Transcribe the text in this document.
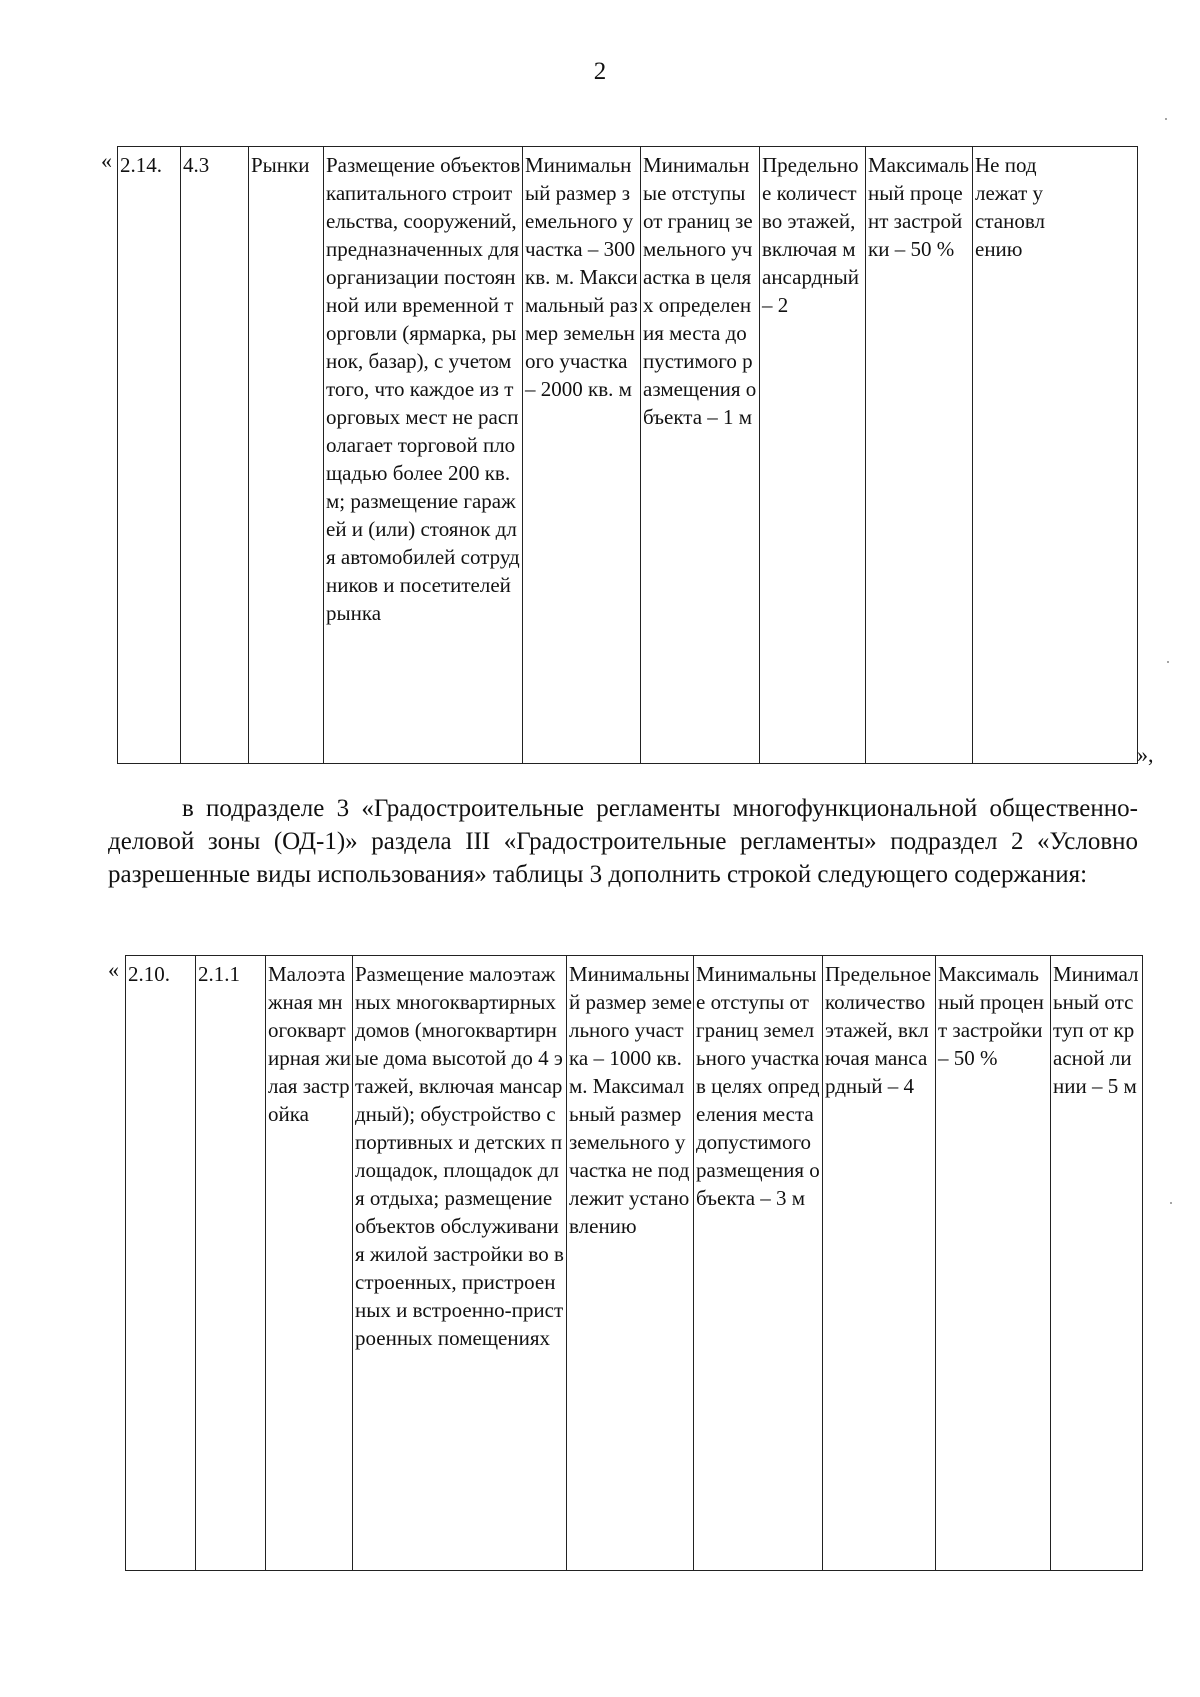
2
« 2.14.	4.3	Рынки	Размещение объектов капитального строительства, сооружений, предназначенных для организации постоянной или временной торговли (ярмарка, рынок, базар), с учетом того, что каждое из торговых мест не располагает торговой площадью более 200 кв. м; размещение гаражей и (или) стоянок для автомобилей сотрудников и посетителей рынка	Минимальный размер земельного участка – 300 кв. м. Максимальный размер земельного участка – 2000 кв. м	Минимальные отступы от границ земельного участка в целях определения места допустимого размещения объекта – 1 м	Предельное количество этажей, включая мансардный – 2	Максимальный процент застройки – 50 %	Не подлежат установлению
»,

в подразделе 3 «Градостроительные регламенты многофункциональной общественно-деловой зоны (ОД-1)» раздела III «Градостроительные регламенты» подраздел 2 «Условно разрешенные виды использования» таблицы 3 дополнить строкой следующего содержания:

« 2.10.	2.1.1	Малоэтажная многоквартирная жилая застройка	Размещение малоэтажных многоквартирных домов (многоквартирные дома высотой до 4 этажей, включая мансардный); обустройство спортивных и детских площадок, площадок для отдыха; размещение объектов обслуживания жилой застройки во встроенных, пристроенных и встроенно-пристроенных помещениях	Минимальный размер земельного участка – 1000 кв. м. Максимальный размер земельного участка не подлежит установлению	Минимальные отступы от границ земельного участка в целях определения места допустимого размещения объекта – 3 м	Предельное количество этажей, включая мансардный – 4	Максимальный процент застройки – 50 %	Минимальный отступ от красной линии – 5 м
